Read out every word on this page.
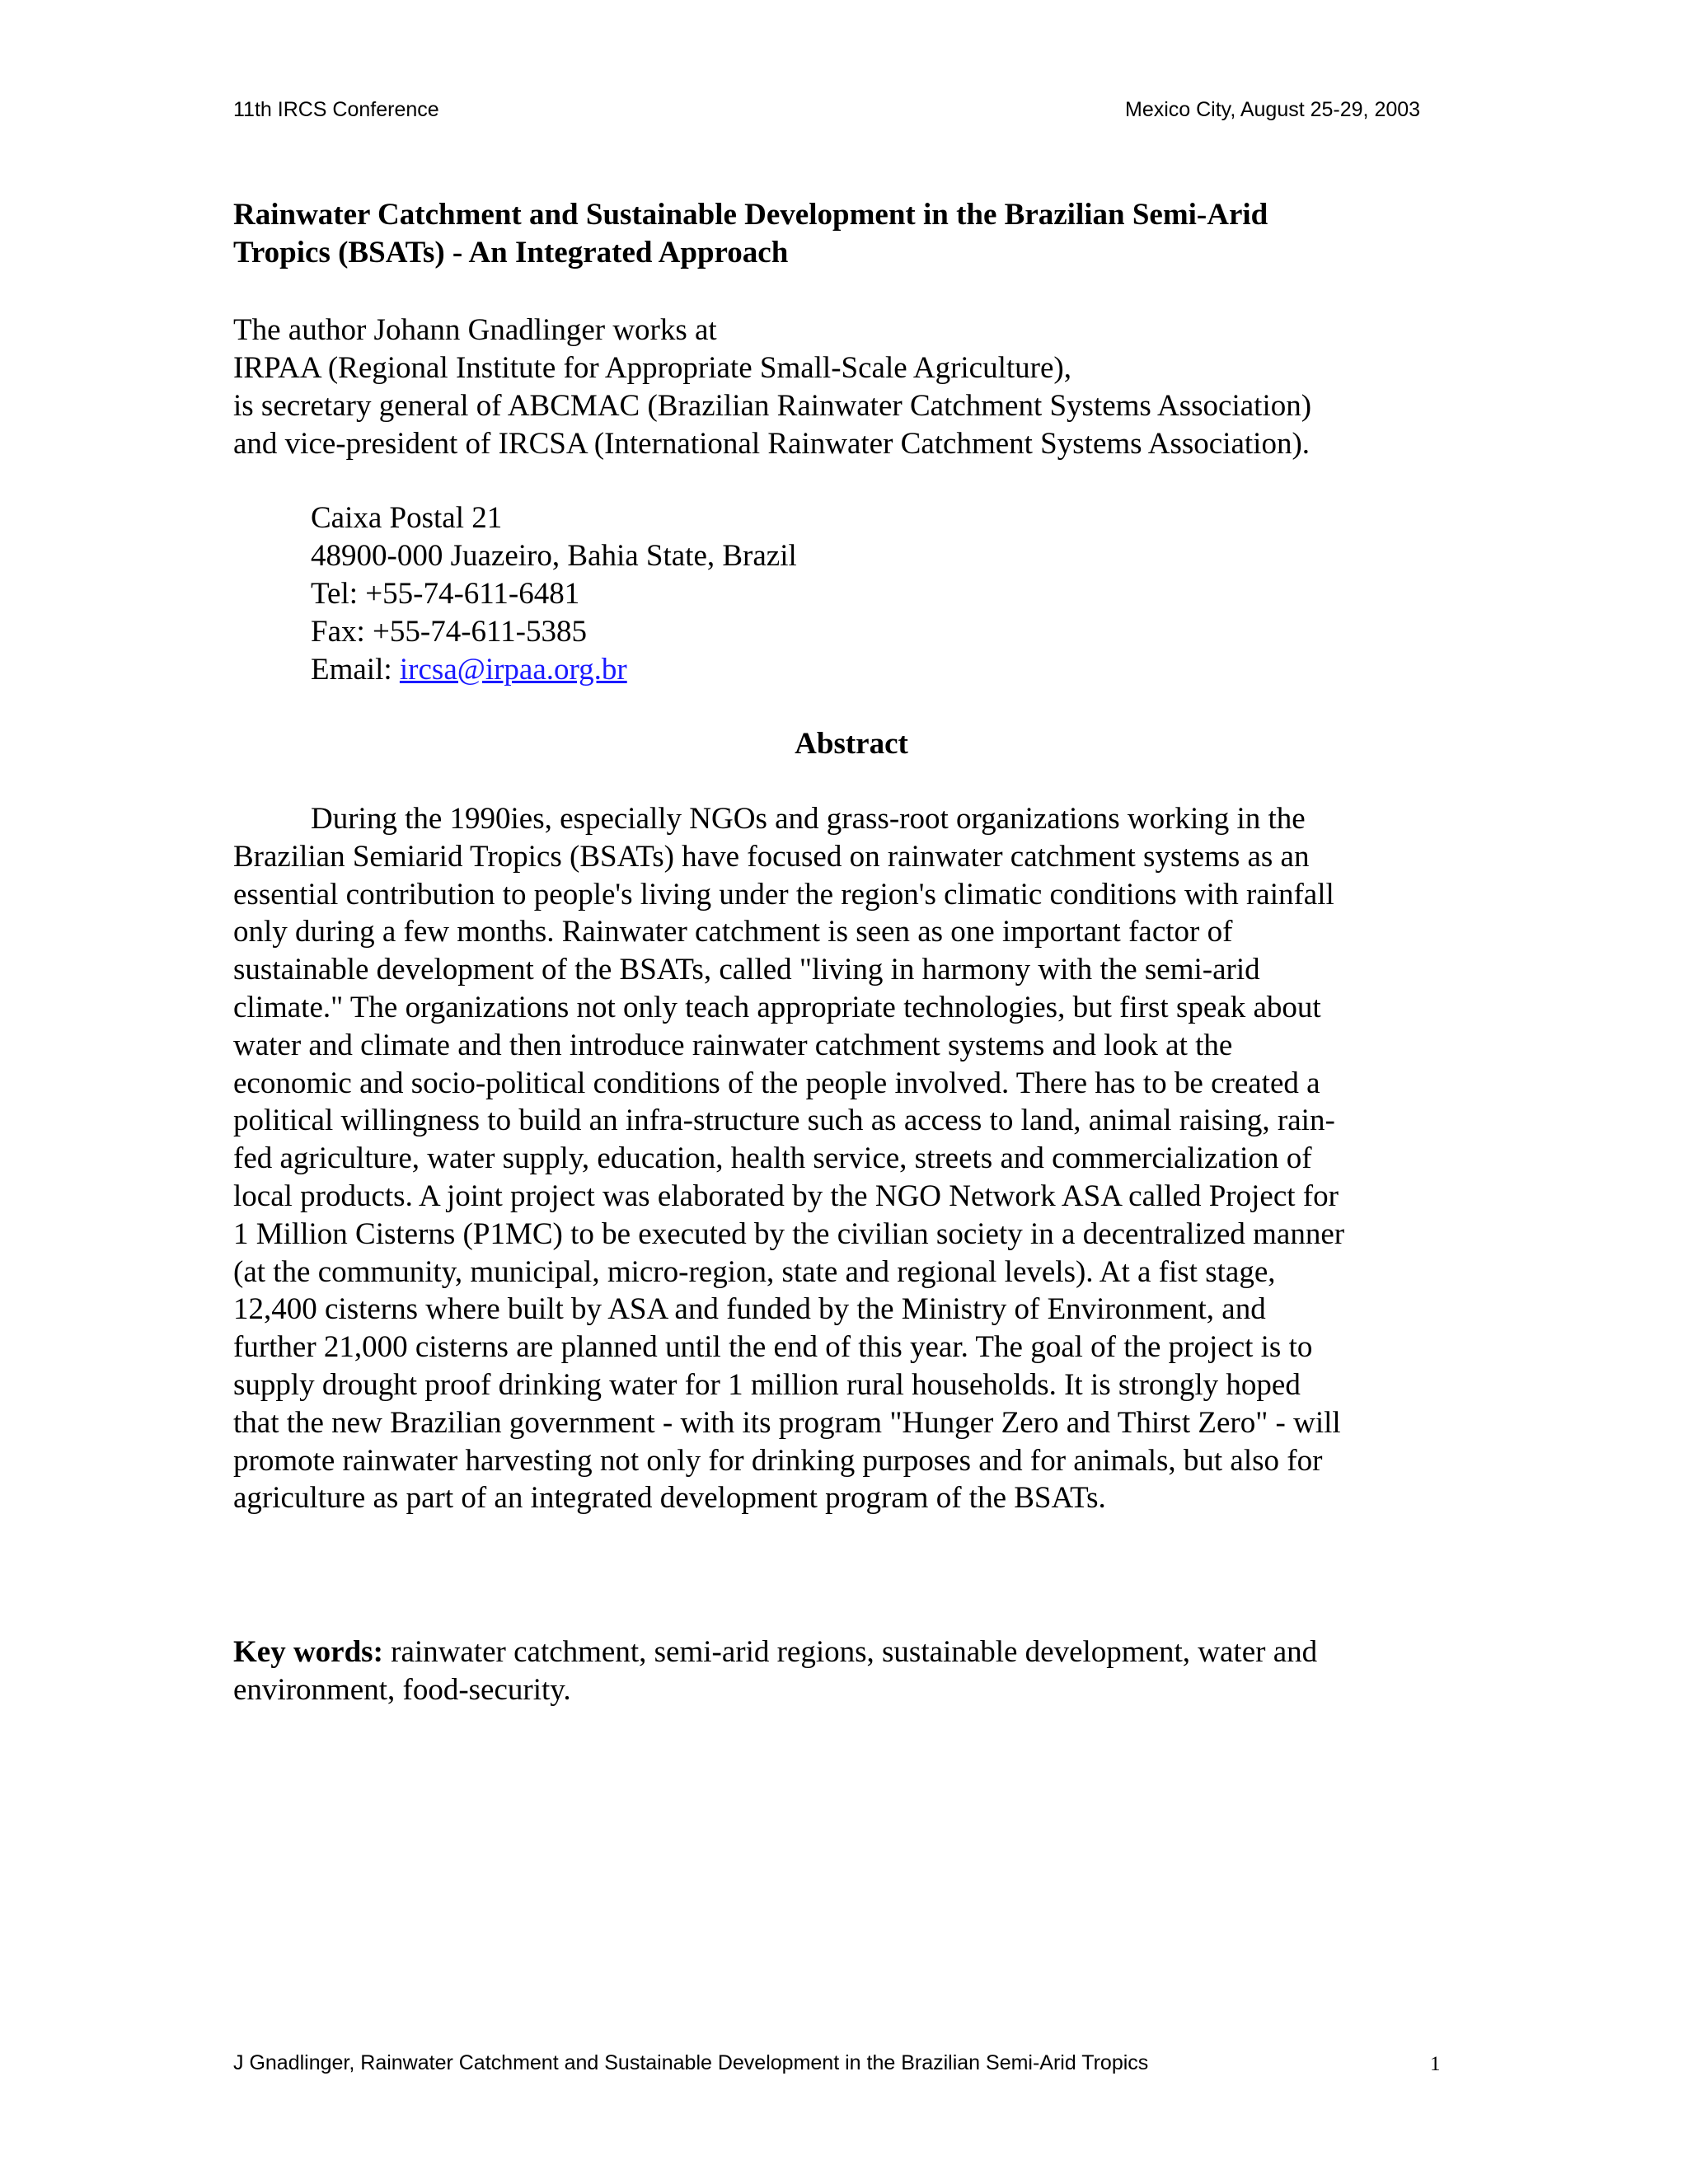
11th IRCS Conference	Mexico City, August 25-29, 2003
Rainwater Catchment and Sustainable Development in the Brazilian Semi-Arid
Tropics (BSATs) - An Integrated Approach
The author Johann Gnadlinger works at
IRPAA (Regional Institute for Appropriate Small-Scale Agriculture),
is secretary general of ABCMAC (Brazilian Rainwater Catchment Systems Association)
and vice-president of IRCSA (International Rainwater Catchment Systems Association).
Caixa Postal 21
48900-000 Juazeiro, Bahia State, Brazil
Tel: +55-74-611-6481
Fax: +55-74-611-5385
Email: ircsa@irpaa.org.br
Abstract
During the 1990ies, especially NGOs and grass-root organizations working in the
Brazilian Semiarid Tropics (BSATs) have focused on rainwater catchment systems as an
essential contribution to people's living under the region's climatic conditions with rainfall
only during a few months. Rainwater catchment is seen as one important factor of
sustainable development of the BSATs, called "living in harmony with the semi-arid
climate." The organizations not only teach appropriate technologies, but first speak about
water and climate and then introduce rainwater catchment systems and look at the
economic and socio-political conditions of the people involved. There has to be created a
political willingness to build an infra-structure such as access to land, animal raising, rain-
fed agriculture, water supply, education, health service, streets and commercialization of
local products. A joint project was elaborated by the NGO Network ASA called Project for
1 Million Cisterns (P1MC) to be executed by the civilian society in a decentralized manner
(at the community, municipal, micro-region, state and regional levels). At a fist stage,
12,400 cisterns where built by ASA and funded by the Ministry of Environment, and
further 21,000 cisterns are planned until the end of this year. The goal of the project is to
supply drought proof drinking water for 1 million rural households. It is strongly hoped
that the new Brazilian government - with its program "Hunger Zero and Thirst Zero" - will
promote rainwater harvesting not only for drinking purposes and for animals, but also for
agriculture as part of an integrated development program of the BSATs.
Key words: rainwater catchment, semi-arid regions, sustainable development, water and
environment, food-security.
J Gnadlinger, Rainwater Catchment and Sustainable Development in the Brazilian Semi-Arid Tropics	1
